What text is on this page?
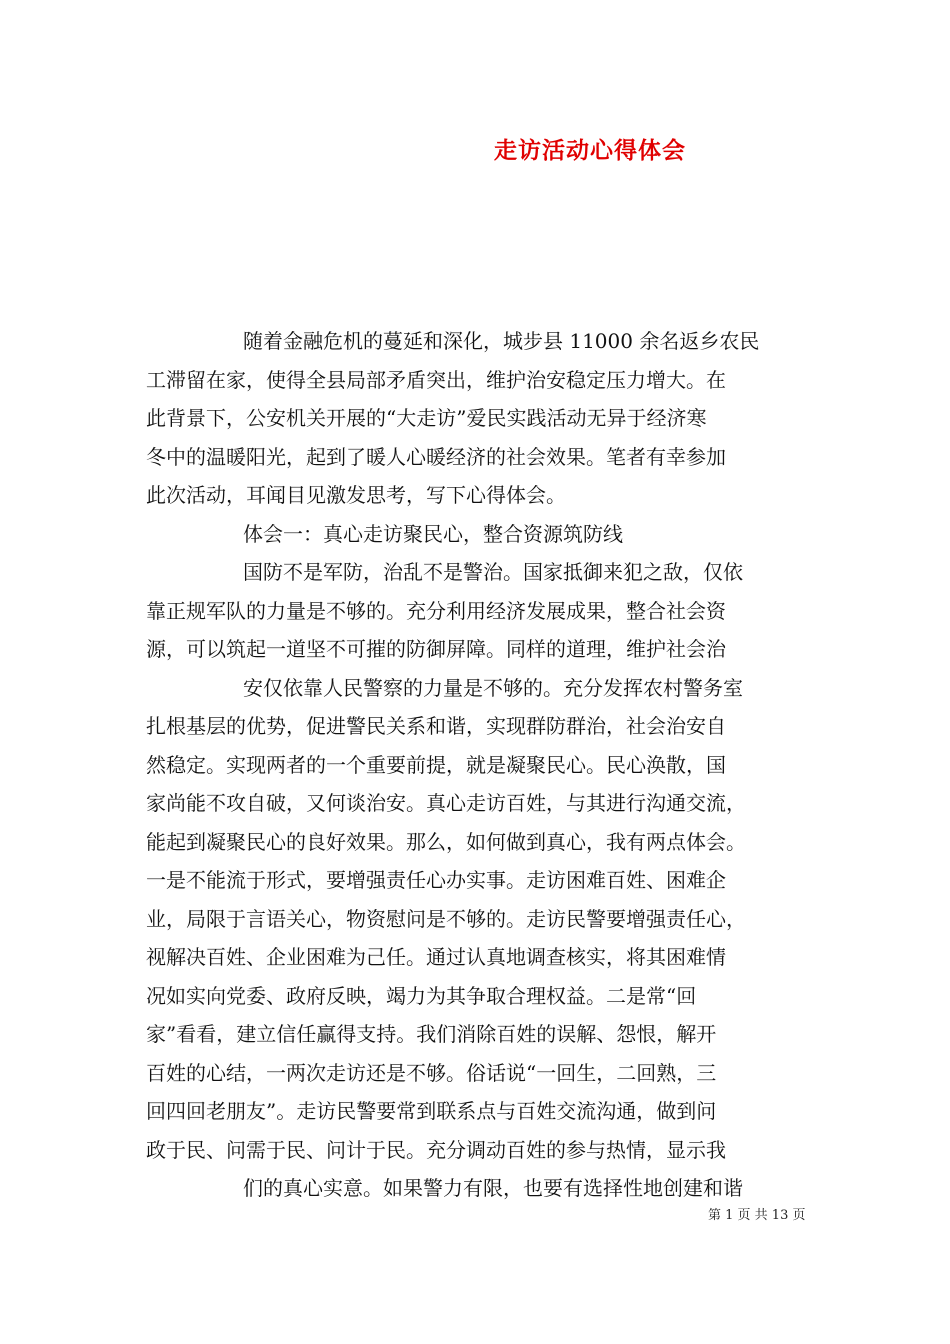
走访活动心得体会
随着金融危机的蔓延和深化，城步县 11000 余名返乡农民
工滞留在家，使得全县局部矛盾突出，维护治安稳定压力增大。在
此背景下，公安机关开展的“大走访”爱民实践活动无异于经济寒
冬中的温暖阳光，起到了暖人心暖经济的社会效果。笔者有幸参加
此次活动，耳闻目见激发思考，写下心得体会。
体会一：真心走访聚民心，整合资源筑防线
国防不是军防，治乱不是警治。国家抵御来犯之敌，仅依
靠正规军队的力量是不够的。充分利用经济发展成果，整合社会资
源，可以筑起一道坚不可摧的防御屏障。同样的道理，维护社会治
安仅依靠人民警察的力量是不够的。充分发挥农村警务室
扎根基层的优势，促进警民关系和谐，实现群防群治，社会治安自
然稳定。实现两者的一个重要前提，就是凝聚民心。民心涣散，国
家尚能不攻自破，又何谈治安。真心走访百姓，与其进行沟通交流，
能起到凝聚民心的良好效果。那么，如何做到真心，我有两点体会。
一是不能流于形式，要增强责任心办实事。走访困难百姓、困难企
业，局限于言语关心，物资慰问是不够的。走访民警要增强责任心，
视解决百姓、企业困难为己任。通过认真地调查核实，将其困难情
况如实向党委、政府反映，竭力为其争取合理权益。二是常“回
家”看看，建立信任赢得支持。我们消除百姓的误解、怨恨，解开
百姓的心结，一两次走访还是不够。俗话说“一回生，二回熟，三
回四回老朋友”。走访民警要常到联系点与百姓交流沟通，做到问
政于民、问需于民、问计于民。充分调动百姓的参与热情，显示我
们的真心实意。如果警力有限，也要有选择性地创建和谐
第 1 页 共 13 页
